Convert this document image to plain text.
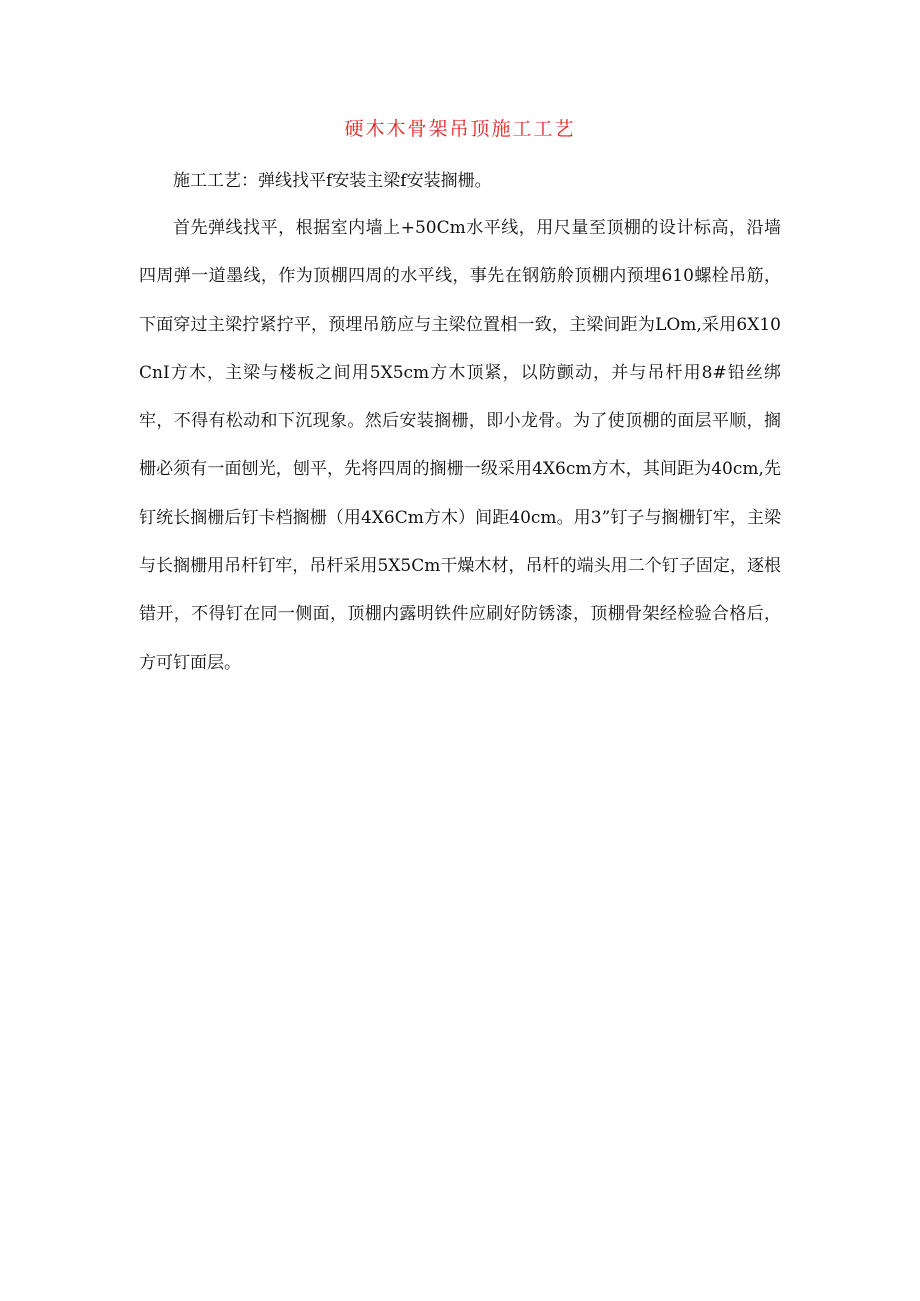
硬木木骨架吊顶施工工艺

施工工艺：弹线找平f安装主梁f安装搁栅。

首先弹线找平，根据室内墙上+50Cm水平线，用尺量至顶棚的设计标高，沿墙四周弹一道墨线，作为顶棚四周的水平线，事先在钢筋舲顶棚内预埋610螺栓吊筋，下面穿过主梁拧紧拧平，预埋吊筋应与主梁位置相一致，主梁间距为LOm,采用6X10CnI方木，主梁与楼板之间用5X5cm方木顶紧，以防颤动，并与吊杆用8#铅丝绑牢，不得有松动和下沉现象。然后安装搁栅，即小龙骨。为了使顶棚的面层平顺，搁栅必须有一面刨光，刨平，先将四周的搁栅一级采用4X6cm方木，其间距为40cm,先钉统长搁栅后钉卡档搁栅（用4X6Cm方木）间距40cm。用3”钉子与搁栅钉牢，主梁与长搁栅用吊杆钉牢，吊杆采用5X5Cm干燥木材，吊杆的端头用二个钉子固定，逐根错开，不得钉在同一侧面，顶棚内露明铁件应刷好防锈漆，顶棚骨架经检验合格后，方可钉面层。
